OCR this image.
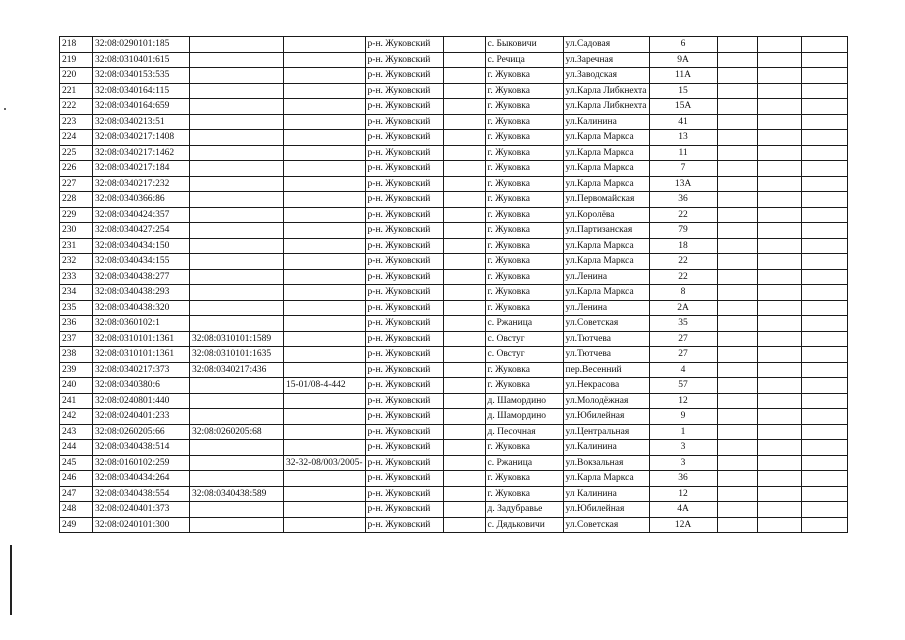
218	32:08:0290101:185			р-н. Жуковский		с. Быковичи	ул.Садовая	6			
219	32:08:0310401:615			р-н. Жуковский		с. Речица	ул.Заречная	9А			
220	32:08:0340153:535			р-н. Жуковский		г. Жуковка	ул.Заводская	11А			
221	32:08:0340164:115			р-н. Жуковский		г. Жуковка	ул.Карла Либкнехта	15			
222	32:08:0340164:659			р-н. Жуковский		г. Жуковка	ул.Карла Либкнехта	15А			
223	32:08:0340213:51			р-н. Жуковский		г. Жуковка	ул.Калинина	41			
224	32:08:0340217:1408			р-н. Жуковский		г. Жуковка	ул.Карла Маркса	13			
225	32:08:0340217:1462			р-н. Жуковский		г. Жуковка	ул.Карла Маркса	11			
226	32:08:0340217:184			р-н. Жуковский		г. Жуковка	ул.Карла Маркса	7			
227	32:08:0340217:232			р-н. Жуковский		г. Жуковка	ул.Карла Маркса	13А			
228	32:08:0340366:86			р-н. Жуковский		г. Жуковка	ул.Первомайская	36			
229	32:08:0340424:357			р-н. Жуковский		г. Жуковка	ул.Королёва	22			
230	32:08:0340427:254			р-н. Жуковский		г. Жуковка	ул.Партизанская	79			
231	32:08:0340434:150			р-н. Жуковский		г. Жуковка	ул.Карла Маркса	18			
232	32:08:0340434:155			р-н. Жуковский		г. Жуковка	ул.Карла Маркса	22			
233	32:08:0340438:277			р-н. Жуковский		г. Жуковка	ул.Ленина	22			
234	32:08:0340438:293			р-н. Жуковский		г. Жуковка	ул.Карла Маркса	8			
235	32:08:0340438:320			р-н. Жуковский		г. Жуковка	ул.Ленина	2А			
236	32:08:0360102:1			р-н. Жуковский		с. Ржаница	ул.Советская	35			
237	32:08:0310101:1361	32:08:0310101:1589		р-н. Жуковский		с. Овстуг	ул.Тютчева	27			
238	32:08:0310101:1361	32:08:0310101:1635		р-н. Жуковский		с. Овстуг	ул.Тютчева	27			
239	32:08:0340217:373	32:08:0340217:436		р-н. Жуковский		г. Жуковка	пер.Весенний	4			
240	32:08:0340380:6		15-01/08-4-442	р-н. Жуковский		г. Жуковка	ул.Некрасова	57			
241	32:08:0240801:440			р-н. Жуковский		д. Шамордино	ул.Молодёжная	12			
242	32:08:0240401:233			р-н. Жуковский		д. Шамордино	ул.Юбилейная	9			
243	32:08:0260205:66	32:08:0260205:68		р-н. Жуковский		д. Песочная	ул.Центральная	1			
244	32:08:0340438:514			р-н. Жуковский		г. Жуковка	ул.Калинина	3			
245	32:08:0160102:259		32-32-08/003/2005-	р-н. Жуковский		с. Ржаница	ул.Вокзальная	3			
246	32:08:0340434:264			р-н. Жуковский		г. Жуковка	ул.Карла Маркса	36			
247	32:08:0340438:554	32:08:0340438:589		р-н. Жуковский		г. Жуковка	ул Калинина	12			
248	32:08:0240401:373			р-н. Жуковский		д. Задубравье	ул.Юбилейная	4А			
249	32:08:0240101:300			р-н. Жуковский		с. Дядьковичи	ул.Советская	12А			
